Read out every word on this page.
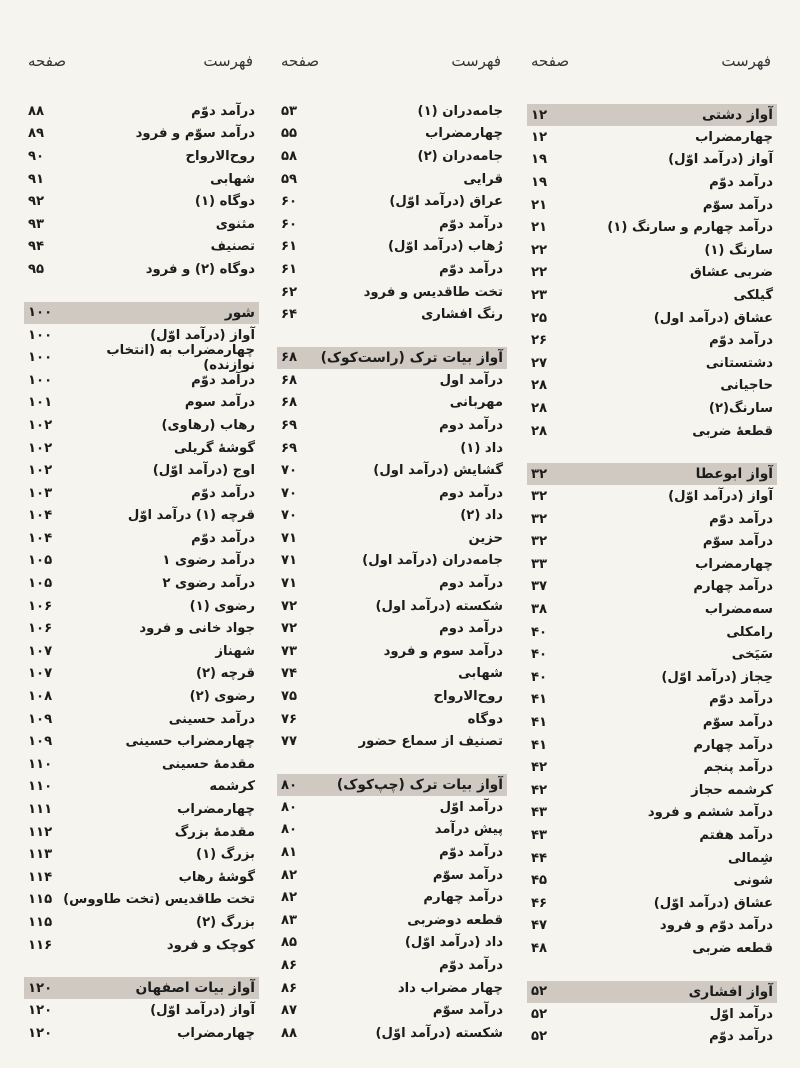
فهرست
صفحه
آواز دشتی
۱۲
چهارمضراب
۱۲
آواز (درآمد اوّل)
۱۹
درآمد دوّم
۱۹
درآمد سوّم
۲۱
درآمد چهارم و سارنگ (۱)
۲۱
سارنگ (۱)
۲۲
ضربی عشاق
۲۲
گیلکی
۲۳
عشاق (درآمد اول)
۲۵
درآمد دوّم
۲۶
دشتستانی
۲۷
حاجیانی
۲۸
سارنگ(۲)
۲۸
قطعهٔ ضربی
۲۸
آواز ابوعطا
۳۲
آواز (درآمد اوّل)
۳۲
درآمد دوّم
۳۲
درآمد سوّم
۳۲
چهارمضراب
۳۳
درآمد چهارم
۳۷
سه‌مضراب
۳۸
رامکلی
۴۰
سَیَخی
۴۰
حِجاز (درآمد اوّل)
۴۰
درآمد دوّم
۴۱
درآمد سوّم
۴۱
درآمد چهارم
۴۱
درآمد پنجم
۴۲
کرشمه حجاز
۴۲
درآمد ششم و فرود
۴۳
درآمد هفتم
۴۳
شِمالی
۴۴
شونی
۴۵
عشاق (درآمد اوّل)
۴۶
درآمد دوّم و فرود
۴۷
قطعه ضربی
۴۸
آواز افشاری
۵۲
درآمد اوّل
۵۲
درآمد دوّم
۵۲
فهرست
صفحه
جامه‌دران (۱)
۵۳
چهارمضراب
۵۵
جامه‌دران (۲)
۵۸
قرایی
۵۹
عراق (درآمد اوّل)
۶۰
درآمد دوّم
۶۰
رُهاب (درآمد اوّل)
۶۱
درآمد دوّم
۶۱
تخت طاقدیس و فرود
۶۲
رنگ افشاری
۶۴
آواز بیات ترک (راست‌کوک)
۶۸
درآمد اول
۶۸
مهربانی
۶۸
درآمد دوم
۶۹
داد (۱)
۶۹
گشایش (درآمد اول)
۷۰
درآمد دوم
۷۰
داد (۲)
۷۰
حزین
۷۱
جامه‌دران (درآمد اول)
۷۱
درآمد دوم
۷۱
شکسته (درآمد اول)
۷۲
درآمد دوم
۷۲
درآمد سوم و فرود
۷۳
شهابی
۷۴
روح‌الارواح
۷۵
دوگاه
۷۶
تصنیف از سماع حضور
۷۷
آواز بیات ترک (چپ‌کوک)
۸۰
درآمد اوّل
۸۰
پیش درآمد
۸۰
درآمد دوّم
۸۱
درآمد سوّم
۸۲
درآمد چهارم
۸۲
قطعه دوضربی
۸۳
داد (درآمد اوّل)
۸۵
درآمد دوّم
۸۶
چهار مضراب داد
۸۶
درآمد سوّم
۸۷
شکسته (درآمد اوّل)
۸۸
فهرست
صفحه
درآمد دوّم
۸۸
درآمد سوّم و فرود
۸۹
روح‌الارواح
۹۰
شهابی
۹۱
دوگاه (۱)
۹۲
مثنوی
۹۳
تصنیف
۹۴
دوگاه (۲) و فرود
۹۵
شور
۱۰۰
آواز (درآمد اوّل)
۱۰۰
چهارمضراب به (انتخاب نوازنده)
۱۰۰
درآمد دوّم
۱۰۰
درآمد سوم
۱۰۱
رهاب (رهاوی)
۱۰۲
گوشهٔ گریلی
۱۰۲
اوج (درآمد اوّل)
۱۰۲
درآمد دوّم
۱۰۳
قرچه (۱) درآمد اوّل
۱۰۴
درآمد دوّم
۱۰۴
درآمد رضوی ۱
۱۰۵
درآمد رضوی ۲
۱۰۵
رضوی (۱)
۱۰۶
جواد خانی و فرود
۱۰۶
شهناز
۱۰۷
قرچه (۲)
۱۰۷
رضوی (۲)
۱۰۸
درآمد حسینی
۱۰۹
چهارمضراب حسینی
۱۰۹
مقدمهٔ حسینی
۱۱۰
کرشمه
۱۱۰
چهارمضراب
۱۱۱
مقدمهٔ بزرگ
۱۱۲
بزرگ (۱)
۱۱۳
گوشهٔ رهاب
۱۱۴
تخت طاقدیس (تخت طاووس)
۱۱۵
بزرگ (۲)
۱۱۵
کوچک و فرود
۱۱۶
آواز بیات اصفهان
۱۲۰
آواز (درآمد اوّل)
۱۲۰
چهارمضراب
۱۲۰
